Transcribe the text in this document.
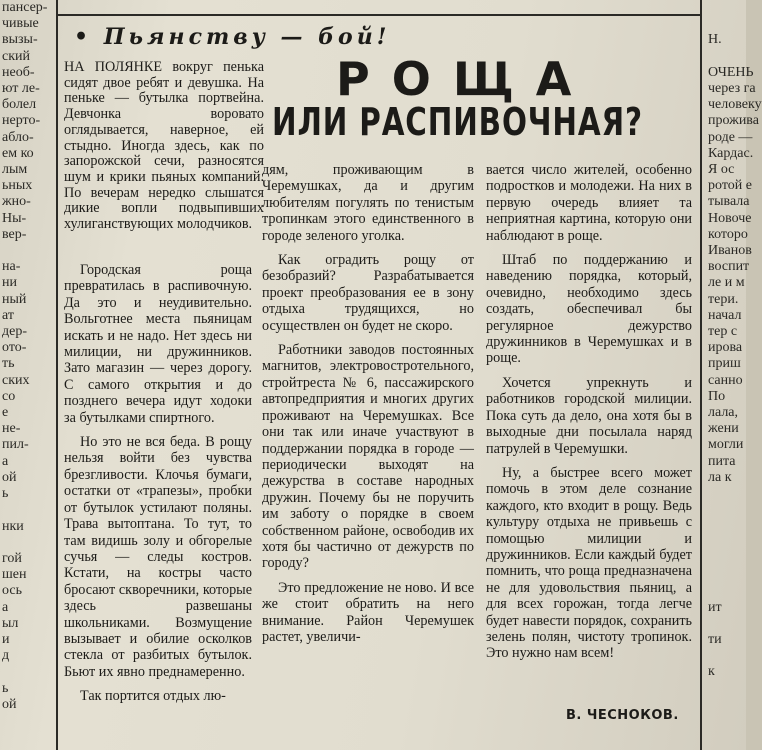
пансер-
чивые
вызы-
ский
необ-
ют ле-
болел
нерто-
абло-
ем ко
лым
ьных
жно-
Ны-
вер-

на-
ни
ный
ат
дер-
ото-
ть
ских
со
е
не-
пил-
а
ой
ь

нки

гой
шен
ось
а
ыл
и
д

ь
ой

Н.

ОЧЕНЬ
через га
человеку
прожива
роде —
Кардас.
Я ос
ротой е
тывала
Новоче
которо
Иванов
воспит
ле и м
тери.
начал
тер с
ирова
приш
санно
По
лала,
жени
могли
пита
ла к

ит

ти

к
• Пьянству — бой!
РОЩА
ИЛИ РАСПИВОЧНАЯ?
НА ПОЛЯНКЕ вокруг пенька сидят двое ребят и девушка. На пеньке — бутылка портвейна. Девчонка воровато оглядывается, наверное, ей стыдно. Иногда здесь, как по запорожской сечи, разносятся шум и крики пьяных компаний. По вечерам нередко слышатся дикие вопли подвыпивших хулиганствующих молодчиков.

Городская роща превратилась в распивочную. Да это и неудивительно. Вольготнее места пьяницам искать и не надо. Нет здесь ни милиции, ни дружинников. Зато магазин — через дорогу. С самого открытия и до позднего вечера идут ходоки за бутылками спиртного.

Но это не вся беда. В рощу нельзя войти без чувства брезгливости. Клочья бумаги, остатки от «трапезы», пробки от бутылок устилают поляны. Трава вытоптана. То тут, то там видишь золу и обгорелые сучья — следы костров. Кстати, на костры часто бросают скворечники, которые здесь развешаны школьниками. Возмущение вызывает и обилие осколков стекла от разбитых бутылок. Бьют их явно преднамеренно.

Так портится отдых лю-

дям, проживающим в Черемушках, да и другим любителям погулять по тенистым тропинкам этого единственного в городе зеленого уголка.

Как оградить рощу от безобразий? Разрабатывается проект преобразования ее в зону отдыха трудящихся, но осуществлен он будет не скоро.

Работники заводов постоянных магнитов, электровостротельного, стройтреста № 6, пассажирского автопредприятия и многих других проживают на Черемушках. Все они так или иначе участвуют в поддержании порядка в городе — периодически выходят на дежурства в составе народных дружин. Почему бы не поручить им заботу о порядке в своем собственном районе, освободив их хотя бы частично от дежурств по городу?

Это предложение не ново. И все же стоит обратить на него внимание. Район Черемушек растет, увеличи-

вается число жителей, особенно подростков и молодежи. На них в первую очередь влияет та неприятная картина, которую они наблюдают в роще.

Штаб по поддержанию и наведению порядка, который, очевидно, необходимо здесь создать, обеспечивал бы регулярное дежурство дружинников в Черемушках и в роще.

Хочется упрекнуть и работников городской милиции. Пока суть да дело, она хотя бы в выходные дни посылала наряд патрулей в Черемушки.

Ну, а быстрее всего может помочь в этом деле сознание каждого, кто входит в рощу. Ведь культуру отдыха не привьешь с помощью милиции и дружинников. Если каждый будет помнить, что роща предназначена не для удовольствия пьяниц, а для всех горожан, тогда легче будет навести порядок, сохранить зелень полян, чистоту тропинок. Это нужно нам всем!

В. ЧЕСНОКОВ.
